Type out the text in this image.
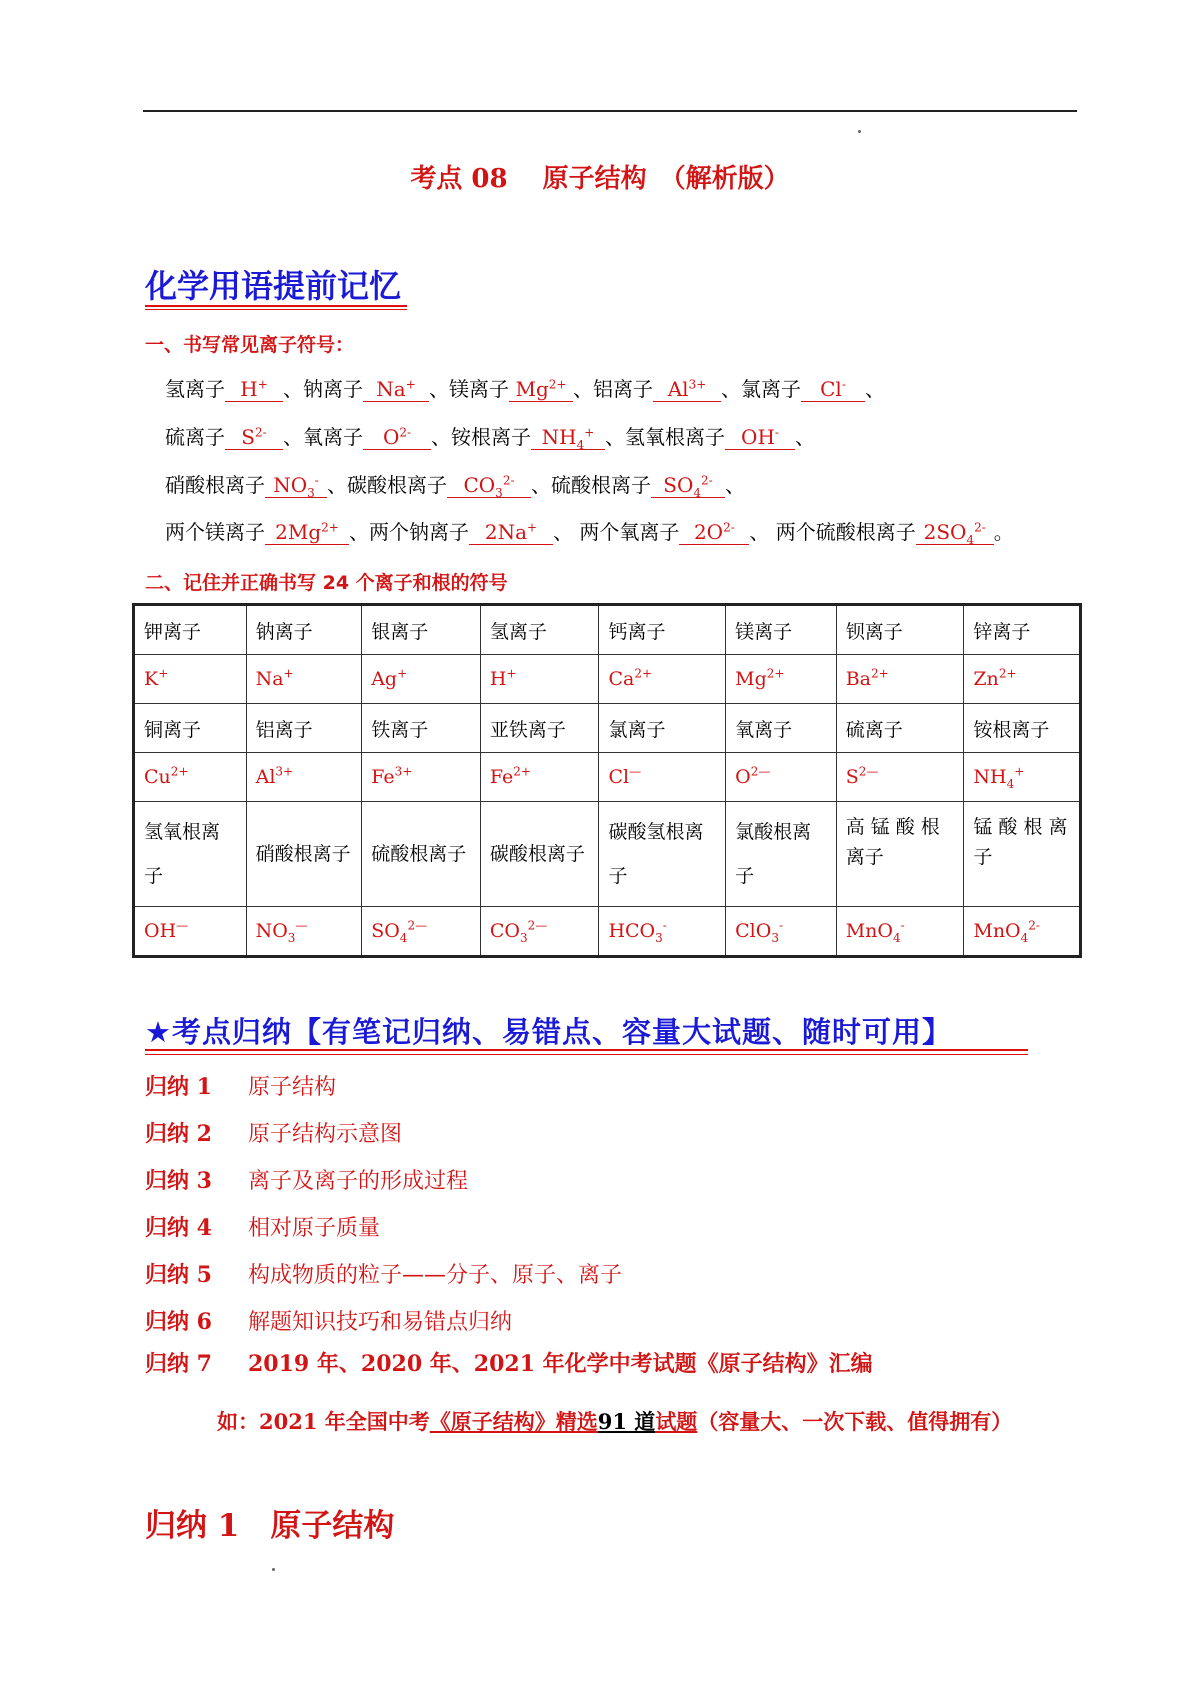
考点 08　 原子结构　（解析版）
化学用语提前记忆
一、书写常见离子符号：
氢离子 H+ 、钠离子 Na+ 、镁离子 $Mg^{2+}$ 、铝离子 $Al^{3+}$ 、氯离子 Cl- 、
硫离子 $S^{2-}$ 、氧离子 $O^{2-}$ 、铵根离子 $NH_4^+$ 、氢氧根离子 OH- 、
硝酸根离子 $NO_3^-$ 、碳酸根离子 $CO_3^{2-}$ 、硫酸根离子 $SO_4^{2-}$ 、
两个镁离子 $2Mg^{2+}$ 、两个钠离子 2Na+ 、 两个氧离子 $2O^{2-}$ 、 两个硫酸根离子 $2SO_4^{2-}$ 。
二、记住并正确书写 24 个离子和根的符号
钾离子	钠离子	银离子	氢离子	钙离子	镁离子	钡离子	锌离子
K+	Na+	Ag+	H+	$Ca^{2+}$	$Mg^{2+}$	$Ba^{2+}$	$Zn^{2+}$
铜离子	铝离子	铁离子	亚铁离子	氯离子	氧离子	硫离子	铵根离子
$Cu^{2+}$	$Al^{3+}$	$Fe^{3+}$	$Fe^{2+}$	Cl—	$O^{2—}$	$S^{2—}$	$NH_4^+$
氢氧根离子	硝酸根离子	硫酸根离子	碳酸根离子	碳酸氢根离子	氯酸根离子	高 锰 酸 根 离子	锰 酸 根 离 子
OH—	$NO_3^—$	$SO_4^{2—}$	$CO_3^{2—}$	$HCO_3^-$	ClO$_3$-	MnO$_4$-	MnO$_4^{2-}$
★考点归纳【有笔记归纳、易错点、容量大试题、随时可用】
归纳 1 原子结构
归纳 2 原子结构示意图
归纳 3 离子及离子的形成过程
归纳 4 相对原子质量
归纳 5 构成物质的粒子——分子、原子、离子
归纳 6 解题知识技巧和易错点归纳
归纳 7 2019 年、2020 年、2021 年化学中考试题《原子结构》汇编
如：2021 年全国中考《原子结构》精选91 道试题（容量大、一次下载、值得拥有）
归纳 1　原子结构
